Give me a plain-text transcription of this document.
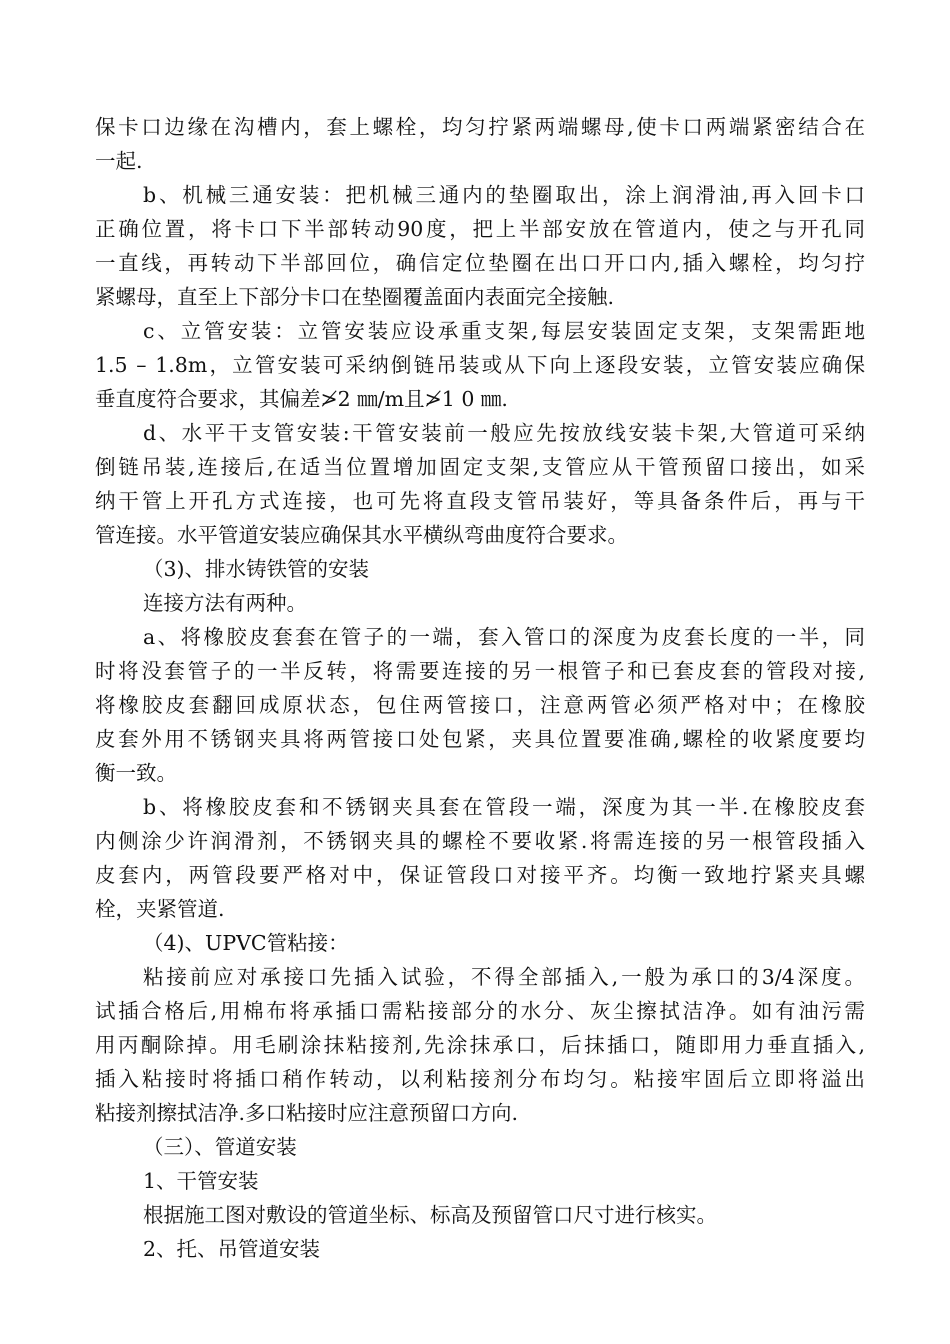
保卡口边缘在沟槽内，套上螺栓，均匀拧紧两端螺母,使卡口两端紧密结合在
一起.
b、机械三通安装：把机械三通内的垫圈取出，涂上润滑油,再入回卡口
正确位置，将卡口下半部转动90度，把上半部安放在管道内，使之与开孔同
一直线，再转动下半部回位，确信定位垫圈在出口开口内,插入螺栓，均匀拧
紧螺母，直至上下部分卡口在垫圈覆盖面内表面完全接触.
c、立管安装：立管安装应设承重支架,每层安装固定支架，支架需距地
1.5 – 1.8m，立管安装可采纳倒链吊装或从下向上逐段安装，立管安装应确保
垂直度符合要求，其偏差≯2 ㎜/m且≯1 0 ㎜.
d、水平干支管安装:干管安装前一般应先按放线安装卡架,大管道可采纳
倒链吊装,连接后,在适当位置增加固定支架,支管应从干管预留口接出，如采
纳干管上开孔方式连接，也可先将直段支管吊装好，等具备条件后，再与干
管连接。水平管道安装应确保其水平横纵弯曲度符合要求。
（3)、排水铸铁管的安装
连接方法有两种。
a、将橡胶皮套套在管子的一端，套入管口的深度为皮套长度的一半，同
时将没套管子的一半反转，将需要连接的另一根管子和已套皮套的管段对接,
将橡胶皮套翻回成原状态，包住两管接口，注意两管必须严格对中；在橡胶
皮套外用不锈钢夹具将两管接口处包紧，夹具位置要准确,螺栓的收紧度要均
衡一致。
b、将橡胶皮套和不锈钢夹具套在管段一端，深度为其一半.在橡胶皮套
内侧涂少许润滑剂，不锈钢夹具的螺栓不要收紧.将需连接的另一根管段插入
皮套内，两管段要严格对中，保证管段口对接平齐。均衡一致地拧紧夹具螺
栓，夹紧管道.
（4)、UPVC管粘接：
粘接前应对承接口先插入试验，不得全部插入,一般为承口的3/4深度。
试插合格后,用棉布将承插口需粘接部分的水分、灰尘擦拭洁净。如有油污需
用丙酮除掉。用毛刷涂抹粘接剂,先涂抹承口，后抹插口，随即用力垂直插入,
插入粘接时将插口稍作转动，以利粘接剂分布均匀。粘接牢固后立即将溢出
粘接剂擦拭洁净.多口粘接时应注意预留口方向.
（三）、管道安装
1、干管安装
根据施工图对敷设的管道坐标、标高及预留管口尺寸进行核实。
2、托、吊管道安装
